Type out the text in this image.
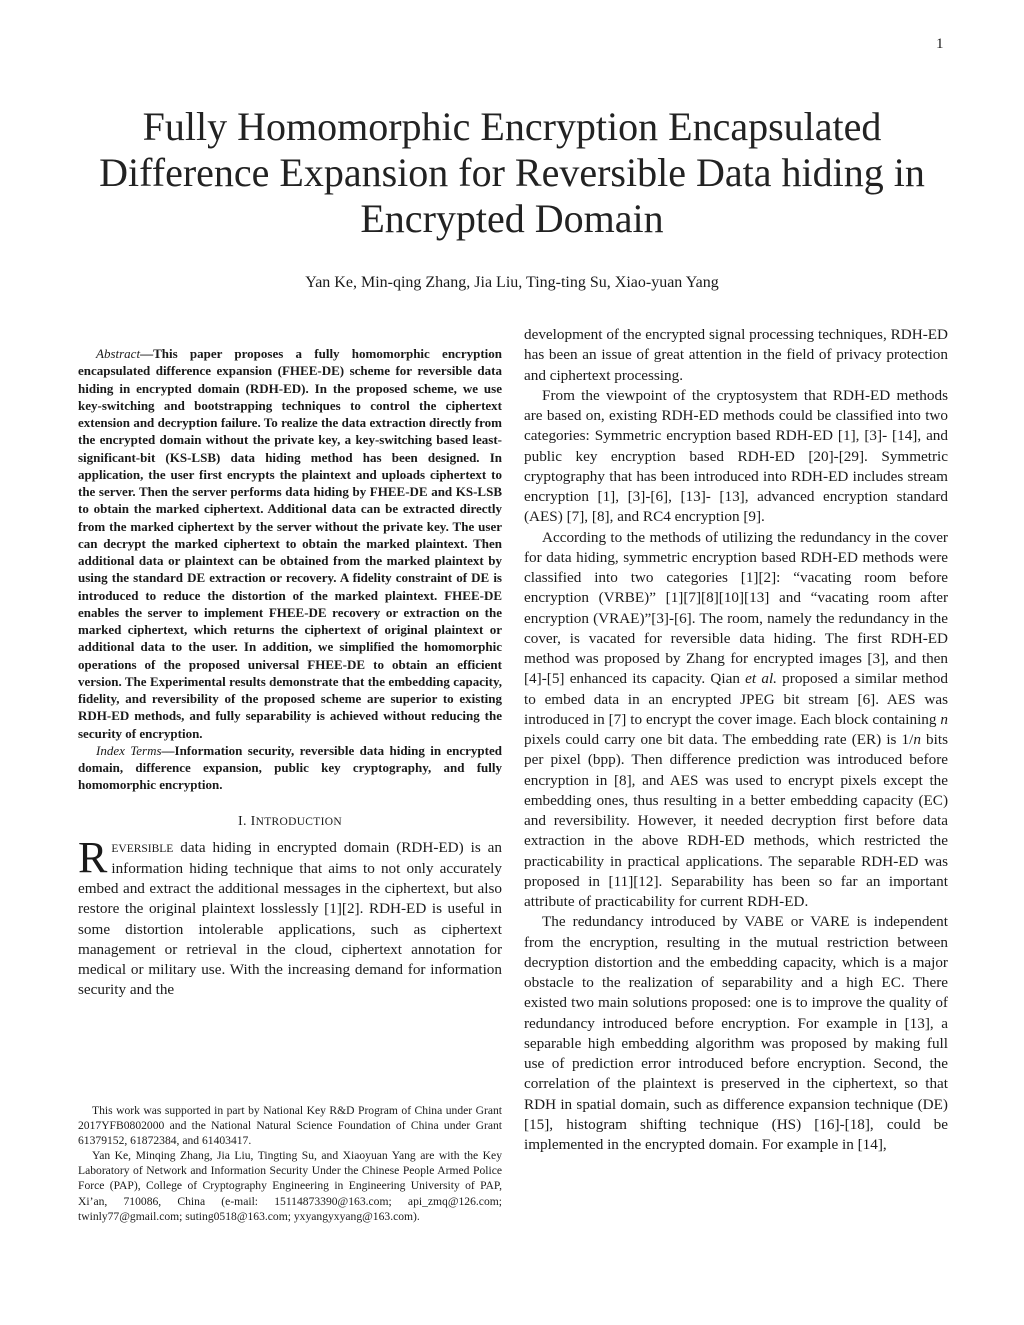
1
Fully Homomorphic Encryption Encapsulated Difference Expansion for Reversible Data hiding in Encrypted Domain
Yan Ke, Min-qing Zhang, Jia Liu, Ting-ting Su, Xiao-yuan Yang

Abstract—This paper proposes a fully homomorphic encryption encapsulated difference expansion (FHEE-DE) scheme for reversible data hiding in encrypted domain (RDH-ED). In the proposed scheme, we use key-switching and bootstrapping techniques to control the ciphertext extension and decryption failure. To realize the data extraction directly from the encrypted domain without the private key, a key-switching based least-significant-bit (KS-LSB) data hiding method has been designed. In application, the user first encrypts the plaintext and uploads ciphertext to the server. Then the server performs data hiding by FHEE-DE and KS-LSB to obtain the marked ciphertext. Additional data can be extracted directly from the marked ciphertext by the server without the private key. The user can decrypt the marked ciphertext to obtain the marked plaintext. Then additional data or plaintext can be obtained from the marked plaintext by using the standard DE extraction or recovery. A fidelity constraint of DE is introduced to reduce the distortion of the marked plaintext. FHEE-DE enables the server to implement FHEE-DE recovery or extraction on the marked ciphertext, which returns the ciphertext of original plaintext or additional data to the user. In addition, we simplified the homomorphic operations of the proposed universal FHEE-DE to obtain an efficient version. The Experimental results demonstrate that the embedding capacity, fidelity, and reversibility of the proposed scheme are superior to existing RDH-ED methods, and fully separability is achieved without reducing the security of encryption.

Index Terms—Information security, reversible data hiding in encrypted domain, difference expansion, public key cryptography, and fully homomorphic encryption.

I. INTRODUCTION

REVERSIBLE data hiding in encrypted domain (RDH-ED) is an information hiding technique that aims to not only accurately embed and extract the additional messages in the ciphertext, but also restore the original plaintext losslessly [1][2]. RDH-ED is useful in some distortion intolerable applications, such as ciphertext management or retrieval in the cloud, ciphertext annotation for medical or military use. With the increasing demand for information security and the

This work was supported in part by National Key R&D Program of China under Grant 2017YFB0802000 and the National Natural Science Foundation of China under Grant 61379152, 61872384, and 61403417.

Yan Ke, Minqing Zhang, Jia Liu, Tingting Su, and Xiaoyuan Yang are with the Key Laboratory of Network and Information Security Under the Chinese People Armed Police Force (PAP), College of Cryptography Engineering in Engineering University of PAP, Xi’an, 710086, China (e-mail: 15114873390@163.com; api_zmq@126.com; twinly77@gmail.com; suting0518@163.com; yxyangyxyang@163.com).

development of the encrypted signal processing techniques, RDH-ED has been an issue of great attention in the field of privacy protection and ciphertext processing.

From the viewpoint of the cryptosystem that RDH-ED methods are based on, existing RDH-ED methods could be classified into two categories: Symmetric encryption based RDH-ED [1], [3]- [14], and public key encryption based RDH-ED [20]-[29]. Symmetric cryptography that has been introduced into RDH-ED includes stream encryption [1], [3]-[6], [13]- [13], advanced encryption standard (AES) [7], [8], and RC4 encryption [9].

According to the methods of utilizing the redundancy in the cover for data hiding, symmetric encryption based RDH-ED methods were classified into two categories [1][2]: “vacating room before encryption (VRBE)” [1][7][8][10][13] and “vacating room after encryption (VRAE)”[3]-[6]. The room, namely the redundancy in the cover, is vacated for reversible data hiding. The first RDH-ED method was proposed by Zhang for encrypted images [3], and then [4]-[5] enhanced its capacity. Qian et al. proposed a similar method to embed data in an encrypted JPEG bit stream [6]. AES was introduced in [7] to encrypt the cover image. Each block containing n pixels could carry one bit data. The embedding rate (ER) is 1/n bits per pixel (bpp). Then difference prediction was introduced before encryption in [8], and AES was used to encrypt pixels except the embedding ones, thus resulting in a better embedding capacity (EC) and reversibility. However, it needed decryption first before data extraction in the above RDH-ED methods, which restricted the practicability in practical applications. The separable RDH-ED was proposed in [11][12]. Separability has been so far an important attribute of practicability for current RDH-ED.

The redundancy introduced by VABE or VARE is independent from the encryption, resulting in the mutual restriction between decryption distortion and the embedding capacity, which is a major obstacle to the realization of separability and a high EC. There existed two main solutions proposed: one is to improve the quality of redundancy introduced before encryption. For example in [13], a separable high embedding algorithm was proposed by making full use of prediction error introduced before encryption. Second, the correlation of the plaintext is preserved in the ciphertext, so that RDH in spatial domain, such as difference expansion technique (DE) [15], histogram shifting technique (HS) [16]-[18], could be implemented in the encrypted domain. For example in [14],
